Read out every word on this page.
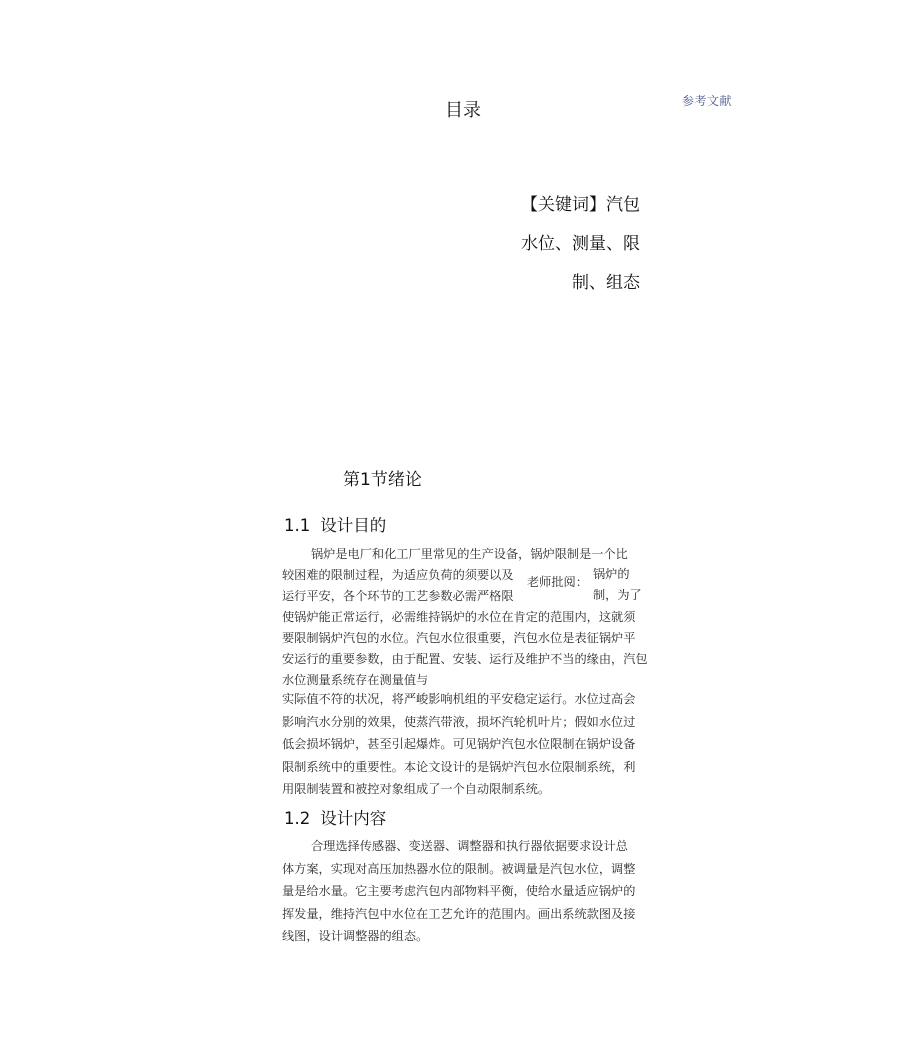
目录	参考文献
【关键词】汽包
水位、测量、限
制、组态
第1节绪论
1.1 设计目的
锅炉是电厂和化工厂里常见的生产设备，锅炉限制是一个比
较困难的限制过程，为适应负荷的须要以及
运行平安，各个环节的工艺参数必需严格限
使锅炉能正常运行，必需维持锅炉的水位在肯定的范围内，这就须
要限制锅炉汽包的水位。汽包水位很重要，汽包水位是表征锅炉平
安运行的重要参数，由于配置、安装、运行及维护不当的缘由，汽包
水位测量系统存在测量值与
老师批阅：
锅炉的
制，为了
实际值不符的状况，将严峻影响机组的平安稳定运行。水位过高会
影响汽水分别的效果，使蒸汽带液，损坏汽轮机叶片；假如水位过
低会损坏锅炉，甚至引起爆炸。可见锅炉汽包水位限制在锅炉设备
限制系统中的重要性。本论文设计的是锅炉汽包水位限制系统，利
用限制装置和被控对象组成了一个自动限制系统。
1.2 设计内容
合理选择传感器、变送器、调整器和执行器依据要求设计总
体方案，实现对高压加热器水位的限制。被调量是汽包水位，调整
量是给水量。它主要考虑汽包内部物料平衡，使给水量适应锅炉的
挥发量，维持汽包中水位在工艺允许的范围内。画出系统款图及接
线图，设计调整器的组态。
